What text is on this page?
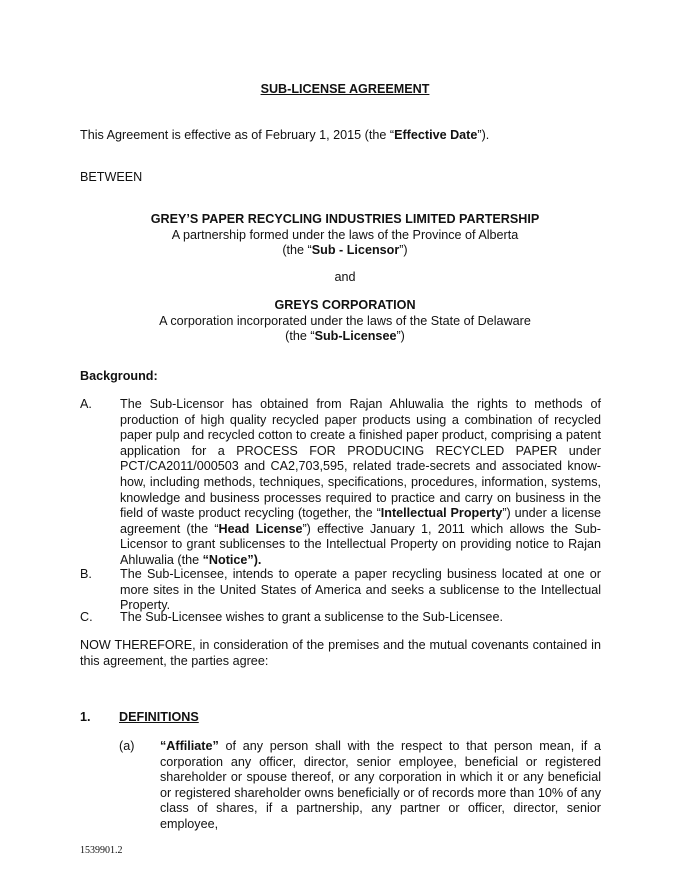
SUB-LICENSE AGREEMENT
This Agreement is effective as of February 1, 2015 (the “Effective Date”).
BETWEEN
GREY’S PAPER RECYCLING INDUSTRIES LIMITED PARTERSHIP
A partnership formed under the laws of the Province of Alberta
(the “Sub - Licensor”)
and
GREYS CORPORATION
A corporation incorporated under the laws of the State of Delaware
(the “Sub-Licensee”)
Background:
A. The Sub-Licensor has obtained from Rajan Ahluwalia the rights to methods of production of high quality recycled paper products using a combination of recycled paper pulp and recycled cotton to create a finished paper product, comprising a patent application for a PROCESS FOR PRODUCING RECYCLED PAPER under PCT/CA2011/000503 and CA2,703,595, related trade-secrets and associated know-how, including methods, techniques, specifications, procedures, information, systems, knowledge and business processes required to practice and carry on business in the field of waste product recycling (together, the “Intellectual Property”) under a license agreement (the “Head License”) effective January 1, 2011 which allows the Sub-Licensor to grant sublicenses to the Intellectual Property on providing notice to Rajan Ahluwalia (the “Notice”).
B. The Sub-Licensee, intends to operate a paper recycling business located at one or more sites in the United States of America and seeks a sublicense to the Intellectual Property.
C. The Sub-Licensee wishes to grant a sublicense to the Sub-Licensee.
NOW THEREFORE, in consideration of the premises and the mutual covenants contained in this agreement, the parties agree:
1. DEFINITIONS
(a) “Affiliate” of any person shall with the respect to that person mean, if a corporation any officer, director, senior employee, beneficial or registered shareholder or spouse thereof, or any corporation in which it or any beneficial or registered shareholder owns beneficially or of records more than 10% of any class of shares, if a partnership, any partner or officer, director, senior employee,
1539901.2
